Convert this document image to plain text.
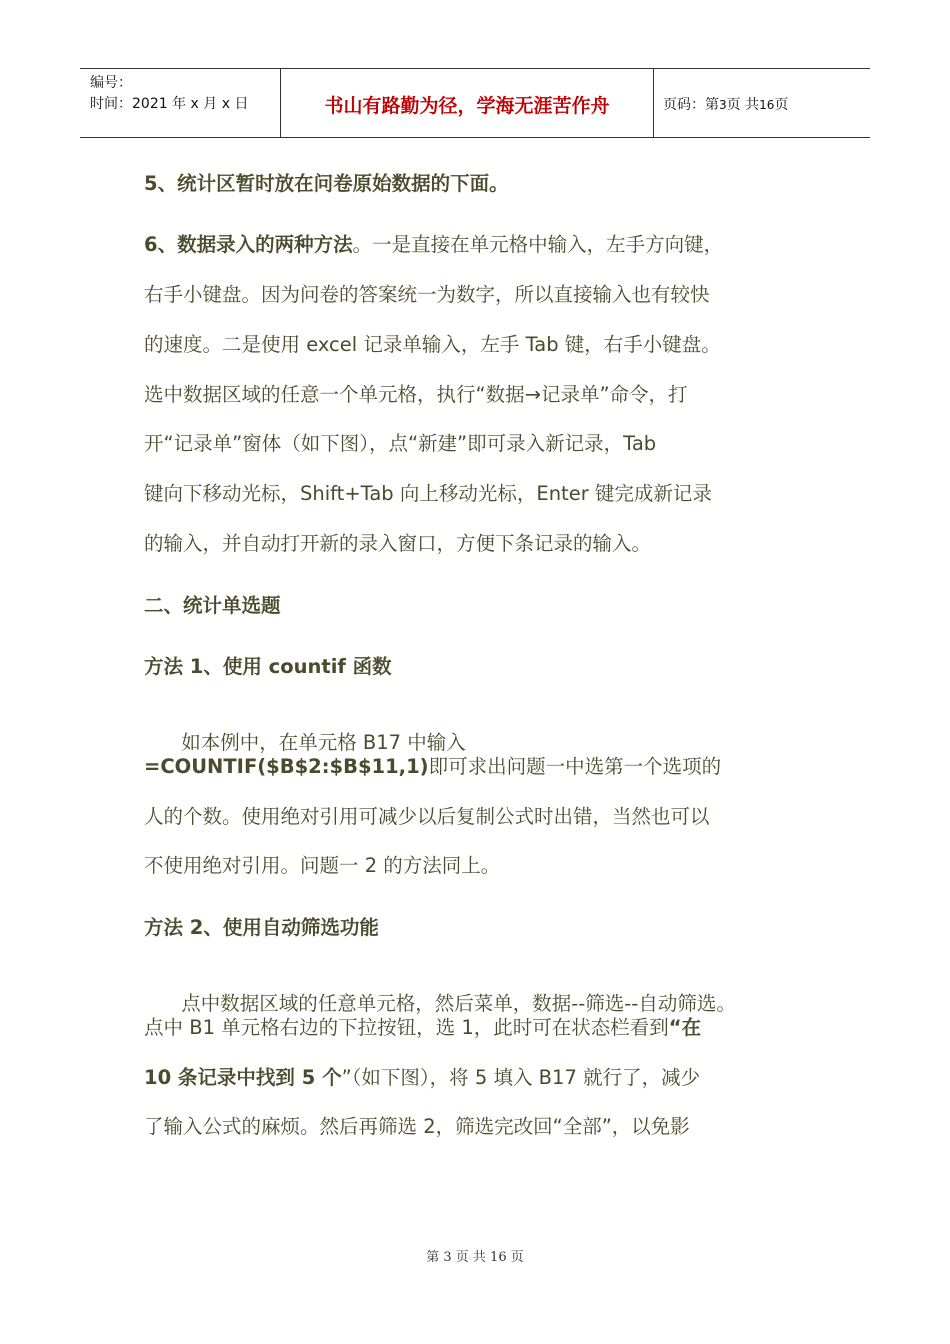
编号：
时间：2021 年 x 月 x 日	书山有路勤为径，学海无涯苦作舟	页码：第3页 共16页
5、统计区暂时放在问卷原始数据的下面。
6、数据录入的两种方法。一是直接在单元格中输入，左手方向键，
右手小键盘。因为问卷的答案统一为数字，所以直接输入也有较快
的速度。二是使用 excel 记录单输入，左手 Tab 键，右手小键盘。
选中数据区域的任意一个单元格，执行“数据→记录单”命令，打
开“记录单”窗体（如下图），点“新建”即可录入新记录，Tab
键向下移动光标，Shift+Tab 向上移动光标，Enter 键完成新记录
的输入，并自动打开新的录入窗口，方便下条记录的输入。
二、统计单选题
方法 1、使用 countif 函数

如本例中，在单元格 B17 中输入

=COUNTIF($B$2:$B$11,1)即可求出问题一中选第一个选项的
人的个数。使用绝对引用可减少以后复制公式时出错，当然也可以
不使用绝对引用。问题一 2 的方法同上。
方法 2、使用自动筛选功能

点中数据区域的任意单元格，然后菜单，数据--筛选--自动筛选。

点中 B1 单元格右边的下拉按钮，选 1，此时可在状态栏看到“在
10 条记录中找到 5 个”（如下图），将 5 填入 B17 就行了，减少
了输入公式的麻烦。然后再筛选 2，筛选完改回“全部”，以免影
第 3 页 共 16 页
